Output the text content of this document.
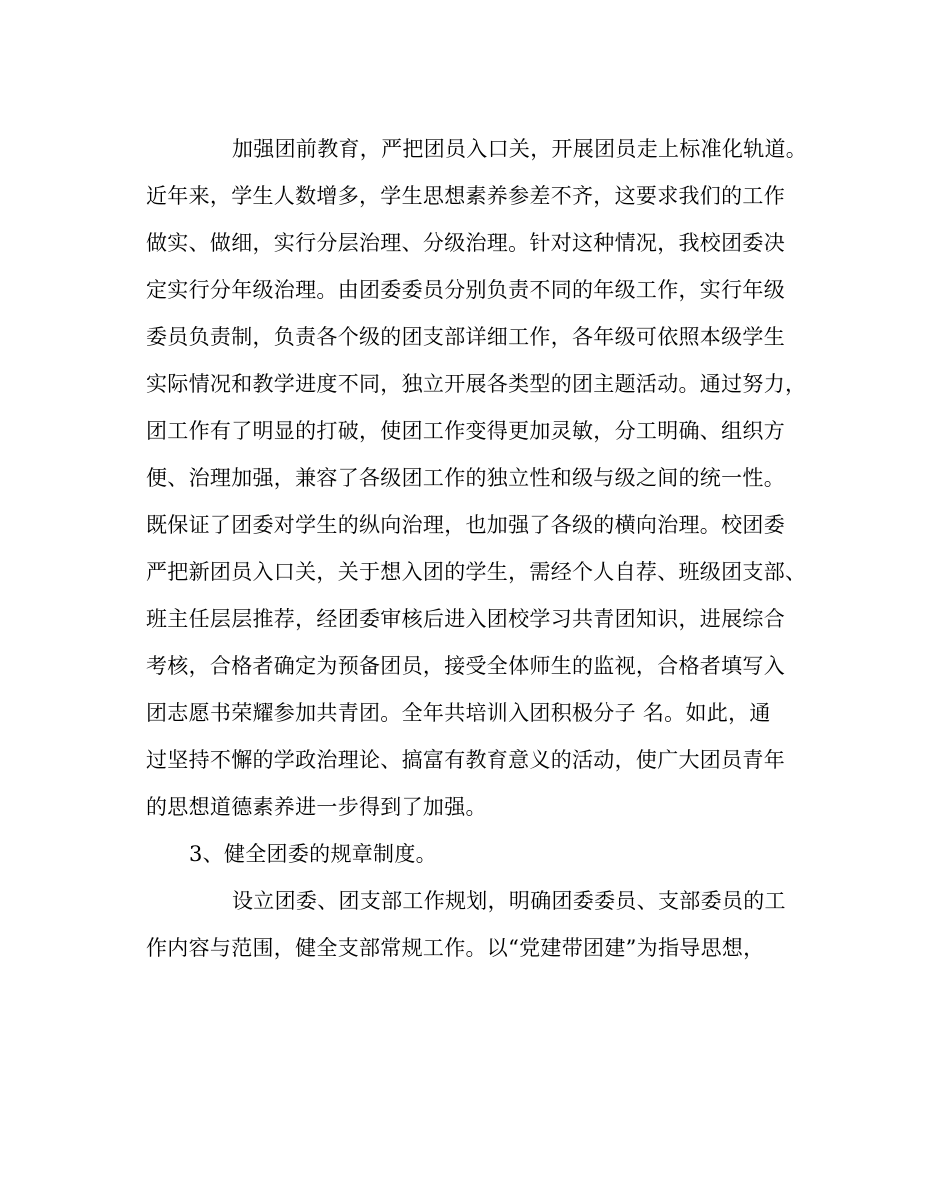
加强团前教育，严把团员入口关，开展团员走上标准化轨道。
近年来，学生人数增多，学生思想素养参差不齐，这要求我们的工作
做实、做细，实行分层治理、分级治理。针对这种情况，我校团委决
定实行分年级治理。由团委委员分别负责不同的年级工作，实行年级
委员负责制，负责各个级的团支部详细工作，各年级可依照本级学生
实际情况和教学进度不同，独立开展各类型的团主题活动。通过努力，
团工作有了明显的打破，使团工作变得更加灵敏，分工明确、组织方
便、治理加强，兼容了各级团工作的独立性和级与级之间的统一性。
既保证了团委对学生的纵向治理，也加强了各级的横向治理。校团委
严把新团员入口关，关于想入团的学生，需经个人自荐、班级团支部、
班主任层层推荐，经团委审核后进入团校学习共青团知识，进展综合
考核，合格者确定为预备团员，接受全体师生的监视，合格者填写入
团志愿书荣耀参加共青团。全年共培训入团积极分子 名。如此，通
过坚持不懈的学政治理论、搞富有教育意义的活动，使广大团员青年
的思想道德素养进一步得到了加强。
3、健全团委的规章制度。
设立团委、团支部工作规划，明确团委委员、支部委员的工
作内容与范围，健全支部常规工作。以“党建带团建”为指导思想，
